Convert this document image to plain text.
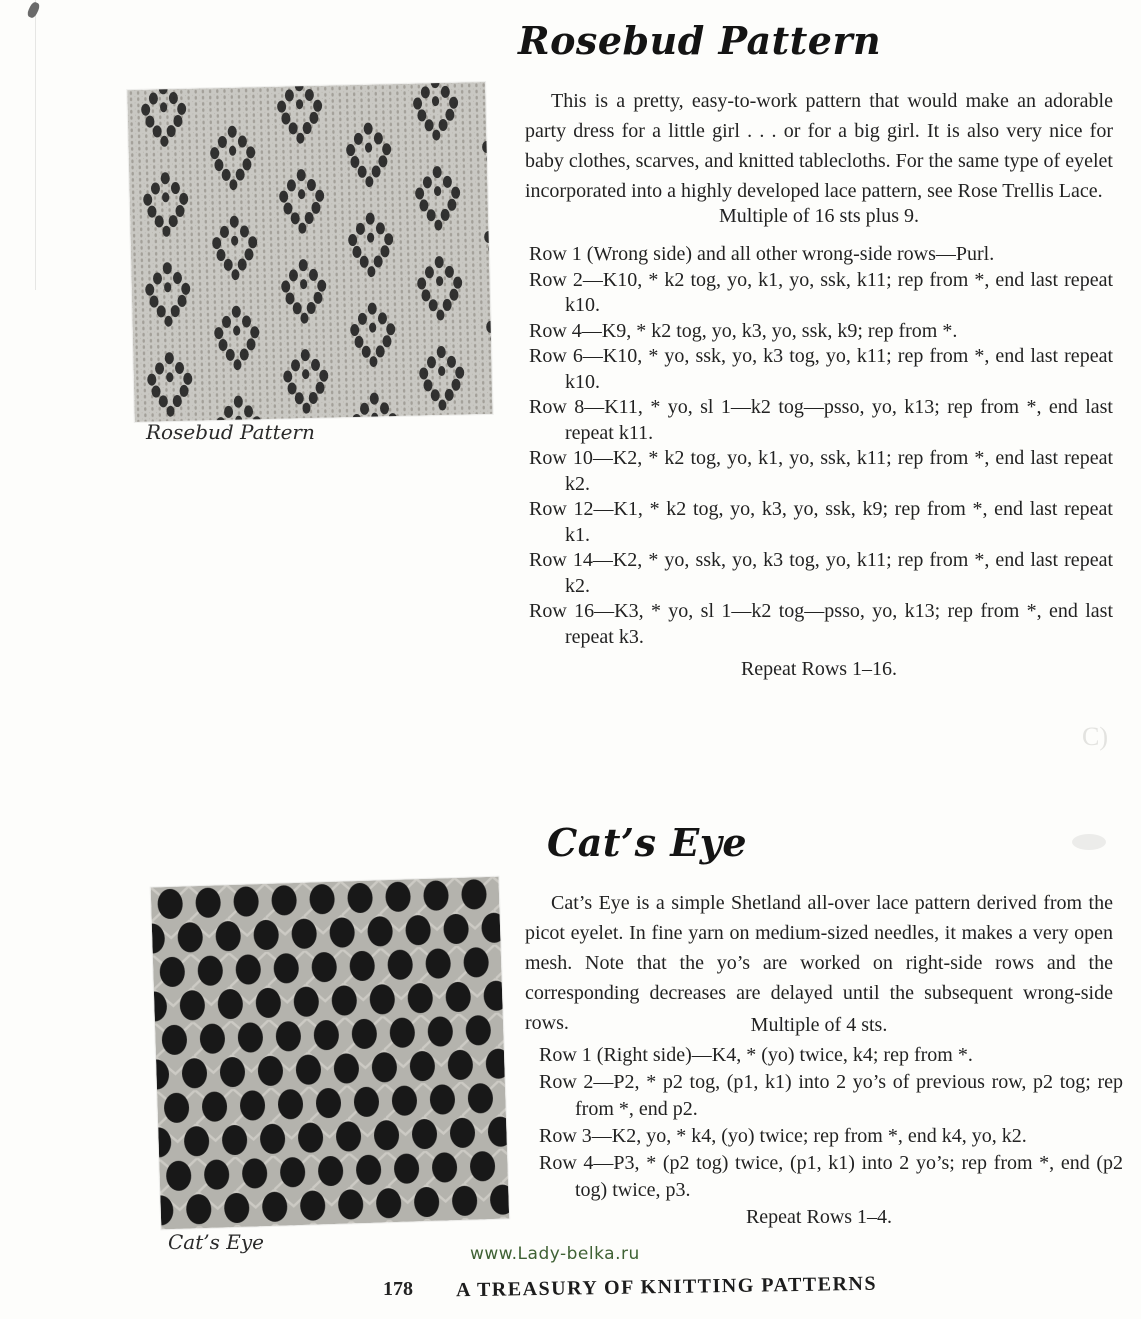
C)
Rosebud Pattern

This is a pretty, easy-to-work pattern that would make an adorable party dress for a little girl . . . or for a big girl. It is also very nice for baby clothes, scarves, and knitted tablecloths. For the same type of eyelet incorporated into a highly developed lace pattern, see Rose Trellis Lace.

Multiple of 16 sts plus 9.

Row 1 (Wrong side) and all other wrong-side rows—Purl.

Row 2—K10, * k2 tog, yo, k1, yo, ssk, k11; rep from *, end last repeat k10.

Row 4—K9, * k2 tog, yo, k3, yo, ssk, k9; rep from *.

Row 6—K10, * yo, ssk, yo, k3 tog, yo, k11; rep from *, end last repeat k10.

Row 8—K11, * yo, sl 1—k2 tog—psso, yo, k13; rep from *, end last repeat k11.

Row 10—K2, * k2 tog, yo, k1, yo, ssk, k11; rep from *, end last repeat k2.

Row 12—K1, * k2 tog, yo, k3, yo, ssk, k9; rep from *, end last repeat k1.

Row 14—K2, * yo, ssk, yo, k3 tog, yo, k11; rep from *, end last repeat k2.

Row 16—K3, * yo, sl 1—k2 tog—psso, yo, k13; rep from *, end last repeat k3.

Repeat Rows 1–16.
Rosebud Pattern
Cat’s Eye

Cat’s Eye is a simple Shetland all-over lace pattern derived from the picot eyelet. In fine yarn on medium-sized needles, it makes a very open mesh. Note that the yo’s are worked on right-side rows and the corresponding decreases are delayed until the subsequent wrong-side rows.	Multiple of 4 sts.

Row 1 (Right side)—K4, * (yo) twice, k4; rep from *.

Row 2—P2, * p2 tog, (p1, k1) into 2 yo’s of previous row, p2 tog; rep from *, end p2.

Row 3—K2, yo, * k4, (yo) twice; rep from *, end k4, yo, k2.

Row 4—P3, * (p2 tog) twice, (p1, k1) into 2 yo’s; rep from *, end (p2 tog) twice, p3.

Repeat Rows 1–4.
Cat’s Eye	www.Lady-belka.ru
178 A TREASURY OF KNITTING PATTERNS
